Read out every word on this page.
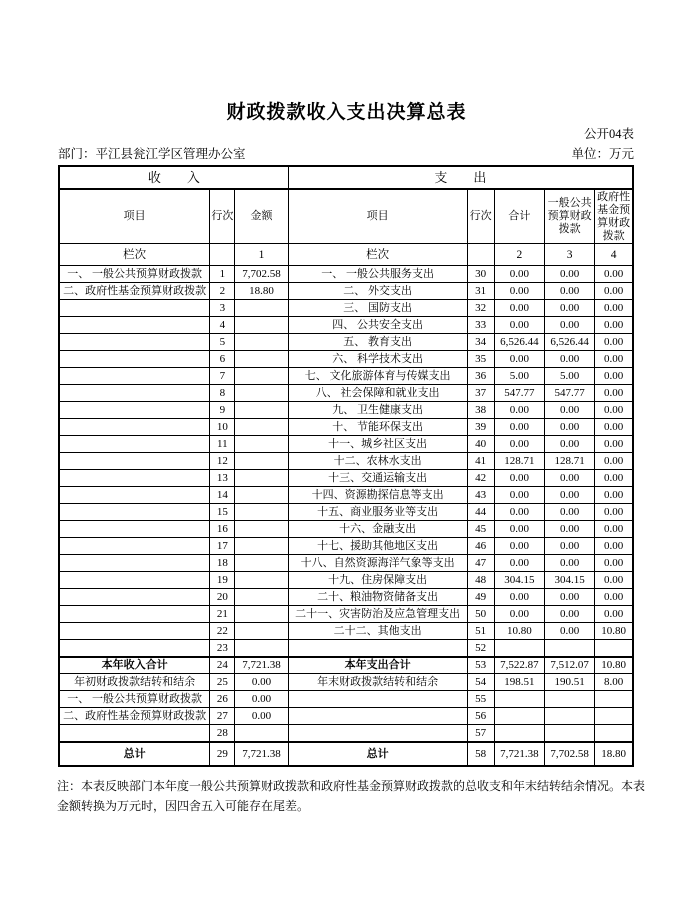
财政拨款收入支出决算总表
公开04表
部门：平江县瓮江学区管理办公室	单位：万元
收　　入			支　　出				
项目	行次	金额	项目	行次	合计	一般公共预算财政拨款	政府性基金预算财政拨款
栏次		1	栏次		2	3	4
一、 一般公共预算财政拨款	1	7,702.58	一、 一般公共服务支出	30	0.00	0.00	0.00
二、政府性基金预算财政拨款	2	18.80	二、 外交支出	31	0.00	0.00	0.00
	3		三、 国防支出	32	0.00	0.00	0.00
	4		四、 公共安全支出	33	0.00	0.00	0.00
	5		五、 教育支出	34	6,526.44	6,526.44	0.00
	6		六、 科学技术支出	35	0.00	0.00	0.00
	7		七、 文化旅游体育与传媒支出	36	5.00	5.00	0.00
	8		八、 社会保障和就业支出	37	547.77	547.77	0.00
	9		九、 卫生健康支出	38	0.00	0.00	0.00
	10		十、 节能环保支出	39	0.00	0.00	0.00
	11		十一、城乡社区支出	40	0.00	0.00	0.00
	12		十二、农林水支出	41	128.71	128.71	0.00
	13		十三、交通运输支出	42	0.00	0.00	0.00
	14		十四、资源勘探信息等支出	43	0.00	0.00	0.00
	15		十五、商业服务业等支出	44	0.00	0.00	0.00
	16		十六、金融支出	45	0.00	0.00	0.00
	17		十七、援助其他地区支出	46	0.00	0.00	0.00
	18		十八、自然资源海洋气象等支出	47	0.00	0.00	0.00
	19		十九、住房保障支出	48	304.15	304.15	0.00
	20		二十、粮油物资储备支出	49	0.00	0.00	0.00
	21		二十一、灾害防治及应急管理支出	50	0.00	0.00	0.00
	22		二十二、其他支出	51	10.80	0.00	10.80
	23			52			
本年收入合计	24	7,721.38	本年支出合计	53	7,522.87	7,512.07	10.80
年初财政拨款结转和结余	25	0.00	年末财政拨款结转和结余	54	198.51	190.51	8.00
一、 一般公共预算财政拨款	26	0.00		55			
二、政府性基金预算财政拨款	27	0.00		56			
	28			57			
总计	29	7,721.38	总计	58	7,721.38	7,702.58	18.80
注：本表反映部门本年度一般公共预算财政拨款和政府性基金预算财政拨款的总收支和年末结转结余情况。本表
金额转换为万元时，因四舍五入可能存在尾差。
